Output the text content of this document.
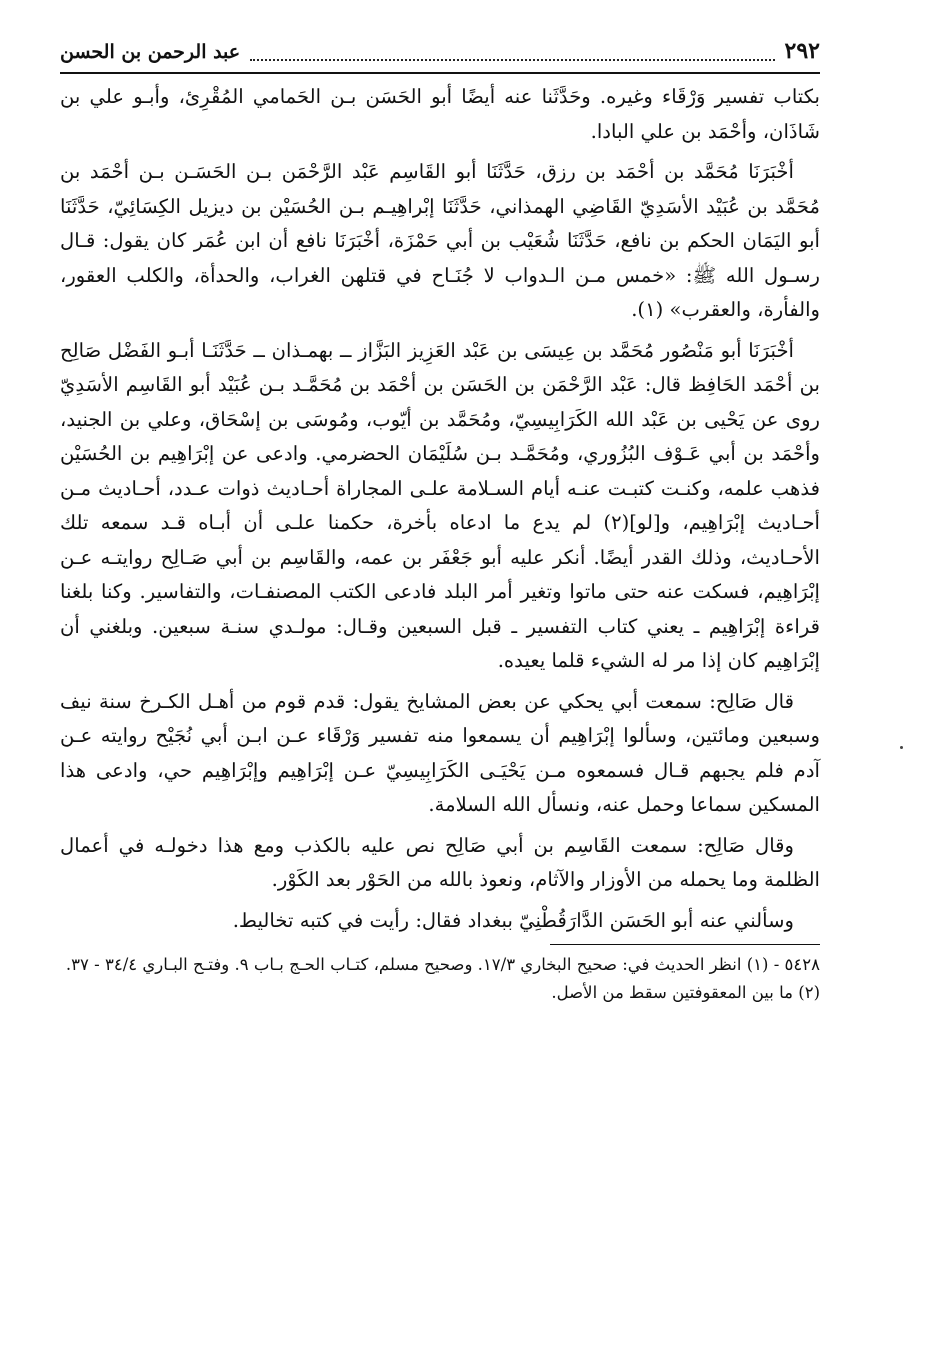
٢٩٢
عبد الرحمن بن الحسن

بكتاب تفسير وَرْقَاء وغيره. وحَدَّثَنا عنه أيضًا أبو الحَسَن بـن الحَمامي المُقْرِئ، وأبـو علي بن شَاذَان، وأحْمَد بن علي البادا.

أخْبَرَنَا مُحَمَّد بن أحْمَد بن رزق، حَدَّثَنَا أبو القَاسِم عَبْد الرَّحْمَن بـن الحَسَـن بـن أحْمَد بن مُحَمَّد بن عُبَيْد الأسَدِيّ القَاضِي الهمذاني، حَدَّثَنَا إبْراهِيـم بـن الحُسَيْن بن ديزيل الكِسَائِيّ، حَدَّثَنَا أبو اليَمَان الحكم بن نافع، حَدَّثَنَا شُعَيْب بن أبي حَمْزَة، أخْبَرَنَا نافع أن ابن عُمَر كان يقول: قـال رسـول الله ﷺ: «خمس مـن الـدواب لا جُنَـاح في قتلهن الغراب، والحدأة، والكلب العقور، والفأرة، والعقرب» (١).

أخْبَرَنَا أبو مَنْصُور مُحَمَّد بن عِيسَى بن عَبْد العَزِيز البَزَّاز ــ بهمـذان ــ حَدَّثَنَـا أبـو الفَضْل صَالِح بن أحْمَد الحَافِظ قال: عَبْد الرَّحْمَن بن الحَسَن بن أحْمَد بن مُحَمَّـد بـن عُبَيْد أبو القَاسِم الأسَدِيّ روى عن يَحْيى بن عَبْد الله الكَرَابِيسِيّ، ومُحَمَّد بن أيّوب، ومُوسَى بن إسْحَاق، وعلي بن الجنيد، وأحْمَد بن أبي عَـوْف البُزُوري، ومُحَمَّـد بـن سُلَيْمَان الحضرمي. وادعى عن إبْرَاهِيم بن الحُسَيْن فذهب علمه، وكنـت كتبـت عنـه أيام السـلامة علـى المجاراة أحـاديث ذوات عـدد، أحـاديث مـن أحـاديث إبْرَاهِيم، و[لو](٢) لم يدع ما ادعاه بأخرة، حكمنا علـى أن أبـاه قـد سمعه تلك الأحـاديث، وذلك القدر أيضًا. أنكر عليه أبو جَعْفَر بن عمه، والقَاسِم بن أبي صَـالِح روايتـه عـن إبْرَاهِيم، فسكت عنه حتى ماتوا وتغير أمر البلد فادعى الكتب المصنفـات، والتفاسير. وكنا بلغنا قراءة إبْرَاهِيم ـ يعني كتاب التفسير ـ قبل السبعين وقـال: مولـدي سنـة سبعين. وبلغني أن إبْرَاهِيم كان إذا مر له الشيء قلما يعيده.

قال صَالِح: سمعت أبي يحكي عن بعض المشايخ يقول: قدم قوم من أهـل الكـرخ سنة نيف وسبعين ومائتين، وسألوا إبْرَاهِيم أن يسمعوا منه تفسير وَرْقَاء عـن ابـن أبي نُجَيْح روايته عـن آدم فلم يجبهم قـال فسمعوه مـن يَحْيَـى الكَرَابِيسِيّ عـن إبْرَاهِيم وإبْرَاهِيم حي، وادعى هذا المسكين سماعا وحمل عنه، ونسأل الله السلامة.

وقال صَالِح: سمعت القَاسِم بن أبي صَالِح نص عليه بالكذب ومع هذا دخولـه في أعمال الظلمة وما يحمله من الأوزار والآثام، ونعوذ بالله من الحَوْر بعد الكَوْر.

وسألني عنه أبو الحَسَن الدَّارَقُطْنِيّ ببغداد فقال: رأيت في كتبه تخاليط.

٥٤٢٨ - (١) انظر الحديث في: صحيح البخاري ١٧/٣. وصحيح مسلم، كتـاب الحـج بـاب ٩. وفتـح البـاري ٣٤/٤ - ٣٧.

(٢) ما بين المعقوفتين سقط من الأصل.
